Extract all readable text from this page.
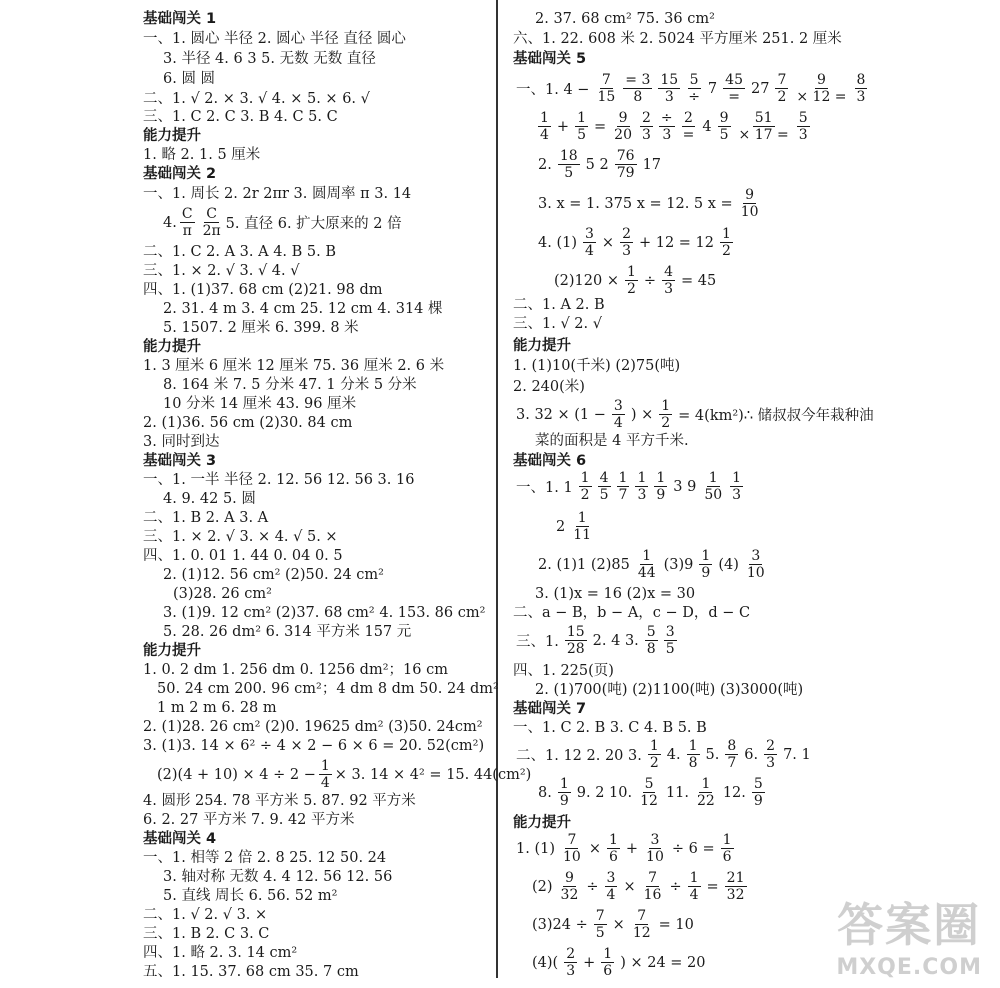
基础闯关 1
一、1. 圆心 半径 2. 圆心 半径 直径 圆心
3. 半径 4. 6 3 5. 无数 无数 直径
6. 圆 圆
二、1. √ 2. × 3. √ 4. × 5. × 6. √
三、1. C 2. C 3. B 4. C 5. C
能力提升
1. 略 2. 1. 5 厘米
基础闯关 2
一、1. 周长 2. 2r 2πr 3. 圆周率 π 3. 14
4. $\frac{C}{\pi} \frac{C}{2\pi} 5$. 直径 6. 扩大原来的 2 倍
二、1. C 2. A 3. A 4. B 5. B
三、1. × 2. √ 3. √ 4. √
四、1. (1)37. 68 cm (2)21. 98 dm
2. 31. 4 m 3. 4 cm 25. 12 cm 4. 314 棵
5. 1507. 2 厘米 6. 399. 8 米
能力提升
1. 3 厘米 6 厘米 12 厘米 75. 36 厘米 2. 6 米
8. 164 米 7. 5 分米 47. 1 分米 5 分米
10 分米 14 厘米 43. 96 厘米
2. (1)36. 56 cm (2)30. 84 cm
3. 同时到达
基础闯关 3
一、1. 一半 半径 2. 12. 56 12. 56 3. 16
4. 9. 42 5. 圆
二、1. B 2. A 3. A
三、1. × 2. √ 3. × 4. √ 5. ×
四、1. 0. 01 1. 44 0. 04 0. 5
2. (1)12. 56 cm² (2)50. 24 cm²
(3)28. 26 cm²
3. (1)9. 12 cm² (2)37. 68 cm² 4. 153. 86 cm²
5. 28. 26 dm² 6. 314 平方米 157 元
能力提升
1. 0. 2 dm 1. 256 dm 0. 1256 dm²；16 cm
50. 24 cm 200. 96 cm²；4 dm 8 dm 50. 24 dm²
1 m 2 m 6. 28 m
2. (1)28. 26 cm² (2)0. 19625 dm² (3)50. 24cm²
3. (1)3. 14 × 6² ÷ 4 × 2 − 6 × 6 = 20. 52(cm²)
$(2)(4 + 10) \times 4 \div 2 - \frac{1}{4} \times 3$. 14 × 4² = 15. 44(cm²)
4. 圆形 254. 78 平方米 5. 87. 92 平方米
6. 2. 27 平方米 7. 9. 42 平方米
基础闯关 4
一、1. 相等 2 倍 2. 8 25. 12 50. 24
3. 轴对称 无数 4. 4 12. 56 12. 56
5. 直线 周长 6. 56. 52 m²
二、1. √ 2. √ 3. ×
三、1. B 2. C 3. C
四、1. 略 2. 3. 14 cm²
五、1. 15. 37. 68 cm 35. 7 cm
2. 37. 68 cm² 75. 36 cm²
六、1. 22. 608 米 2. 5024 平方厘米 251. 2 厘米
基础闯关 5
一、1. $4 - \frac{7}{15} \frac{= 3}{8} \frac{15}{3} \frac{5}{\div} 7 \frac{45}{=} 27 \frac{7}{2} \frac{9}{\times 12 =} \frac{8}{3}$
$\frac{1}{4} + \frac{1}{5} = \frac{9}{20} \frac{2}{3} \frac{\div}{3} \frac{2}{=} 4 \frac{9}{5} \frac{51}{\times 17 =} \frac{5}{3}$
2. $\frac{18}{5} 5$ $2 \frac{76}{79} 17$
3. x = 1. 375 x = 12. 5 $x = \frac{9}{10}$
4. $(1) \frac{3}{4} \times \frac{2}{3} + 12 = 12 \frac{1}{2}$
$(2)120 \times \frac{1}{2} \div \frac{4}{3} = 45$
二、1. A 2. B
三、1. √ 2. √
能力提升
1. (1)10(千米) (2)75(吨)
2. 240(米)
3. $32 \times (1 - \frac{3}{4}$ ) × $\frac{1}{2}$ = 4(km²)∴ 储叔叔今年栽种油
菜的面积是 4 平方千米.
基础闯关 6
一、1. $1 \frac{1}{2} \frac{4}{5} \frac{1}{7} \frac{1}{3} \frac{1}{9} 3$ $9 \frac{1}{50} \frac{1}{3}$
$2 \frac{1}{11}$
2. (1)1 $(2)85 \frac{1}{44} (3)9 \frac{1}{9} (4) \frac{3}{10}$
3. (1)x = 16 (2)x = 30
二、a − B，b − A，c − D，d − C
三、1. $\frac{15}{28} 2$. 4 3. $\frac{5}{8} \frac{3}{5}$
四、1. 225(页)
2. (1)700(吨) (2)1100(吨) (3)3000(吨)
基础闯关 7
一、1. C 2. B 3. C 4. B 5. B
二、1. 12 2. 20 3. $\frac{1}{2} 4$. $\frac{1}{8} 5$. $\frac{8}{7} 6$. $\frac{2}{3} 7$. 1
8. $\frac{1}{9} 9$. 2 10. $\frac{5}{12} 11$. $\frac{1}{22} 12$. $\frac{5}{9}$
能力提升
1. $(1) \frac{7}{10} \times \frac{1}{6} + \frac{3}{10} \div 6 = \frac{1}{6}$
$(2) \frac{9}{32} \div \frac{3}{4} \times \frac{7}{16} \div \frac{1}{4} = \frac{21}{32}$
$(3)24 \div \frac{7}{5} \times \frac{7}{12} = 10$
$(4)( \frac{2}{3} + \frac{1}{6}$ ) × 24 = 20
答案圈
MXQE.COM
